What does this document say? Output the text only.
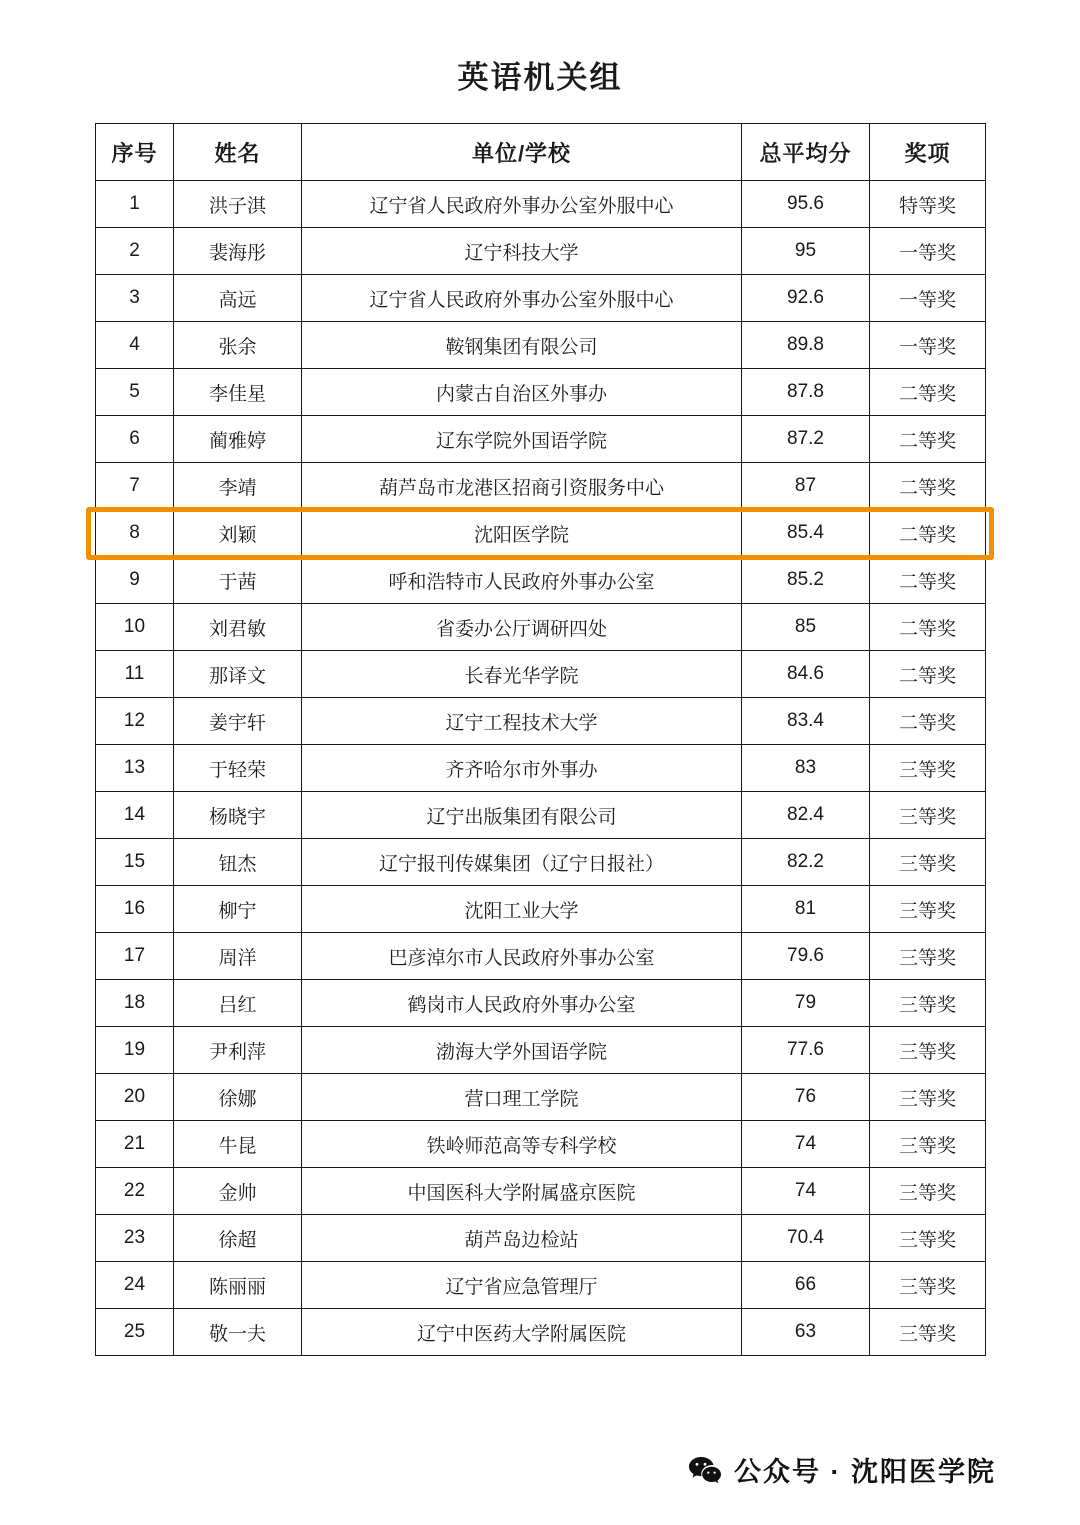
英语机关组
序号	姓名	单位/学校	总平均分	奖项
1	洪子淇	辽宁省人民政府外事办公室外服中心	95.6	特等奖
2	裴海彤	辽宁科技大学	95	一等奖
3	高远	辽宁省人民政府外事办公室外服中心	92.6	一等奖
4	张余	鞍钢集团有限公司	89.8	一等奖
5	李佳星	内蒙古自治区外事办	87.8	二等奖
6	蔺雅婷	辽东学院外国语学院	87.2	二等奖
7	李靖	葫芦岛市龙港区招商引资服务中心	87	二等奖
8	刘颖	沈阳医学院	85.4	二等奖
9	于茜	呼和浩特市人民政府外事办公室	85.2	二等奖
10	刘君敏	省委办公厅调研四处	85	二等奖
11	那译文	长春光华学院	84.6	二等奖
12	姜宇轩	辽宁工程技术大学	83.4	二等奖
13	于轻荣	齐齐哈尔市外事办	83	三等奖
14	杨晓宇	辽宁出版集团有限公司	82.4	三等奖
15	钮杰	辽宁报刊传媒集团（辽宁日报社）	82.2	三等奖
16	柳宁	沈阳工业大学	81	三等奖
17	周洋	巴彦淖尔市人民政府外事办公室	79.6	三等奖
18	吕红	鹤岗市人民政府外事办公室	79	三等奖
19	尹利萍	渤海大学外国语学院	77.6	三等奖
20	徐娜	营口理工学院	76	三等奖
21	牛昆	铁岭师范高等专科学校	74	三等奖
22	金帅	中国医科大学附属盛京医院	74	三等奖
23	徐超	葫芦岛边检站	70.4	三等奖
24	陈丽丽	辽宁省应急管理厅	66	三等奖
25	敬一夫	辽宁中医药大学附属医院	63	三等奖
公众号 · 沈阳医学院
